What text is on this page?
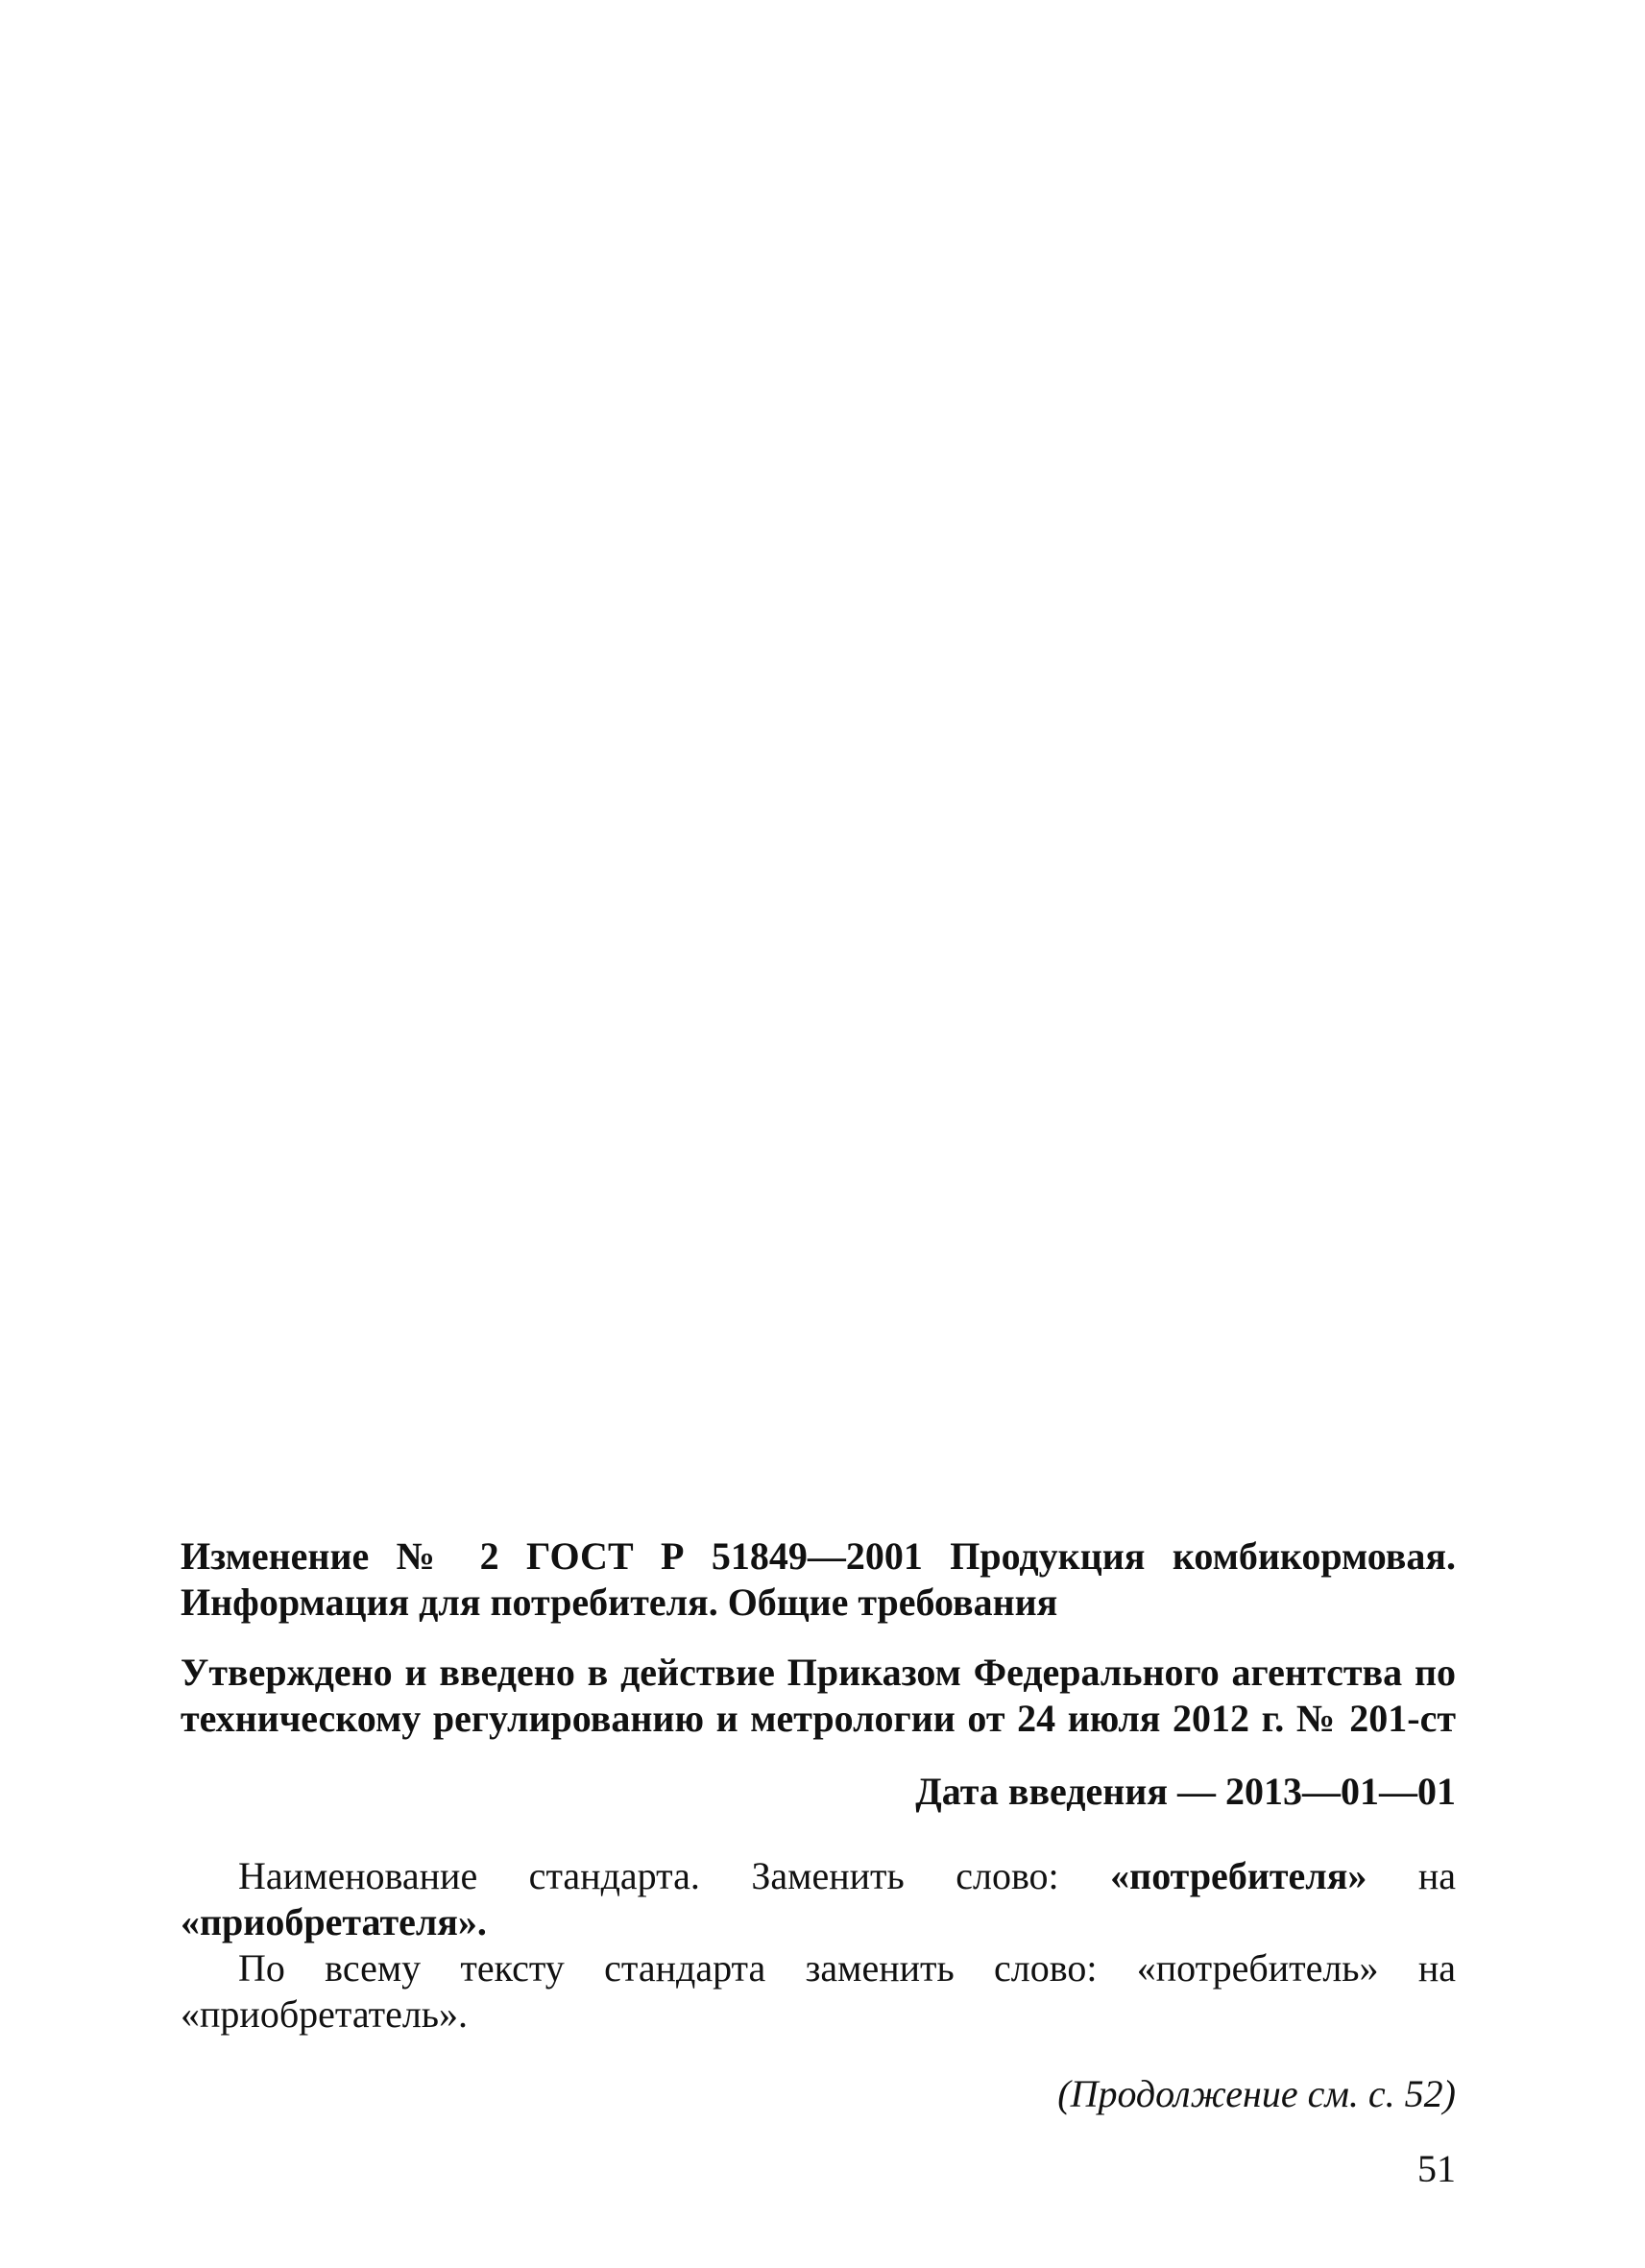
Изменение № 2 ГОСТ Р 51849—2001 Продукция комбикормовая. Информация для потребителя. Общие требования

Утверждено и введено в действие Приказом Федерального агентства по техническому регулированию и метрологии от 24 июля 2012 г. № 201-ст

Дата введения — 2013—01—01

Наименование стандарта. Заменить слово: «потребителя» на «приобретателя».

По всему тексту стандарта заменить слово: «потребитель» на «приобретатель».

(Продолжение см. с. 52)

51
